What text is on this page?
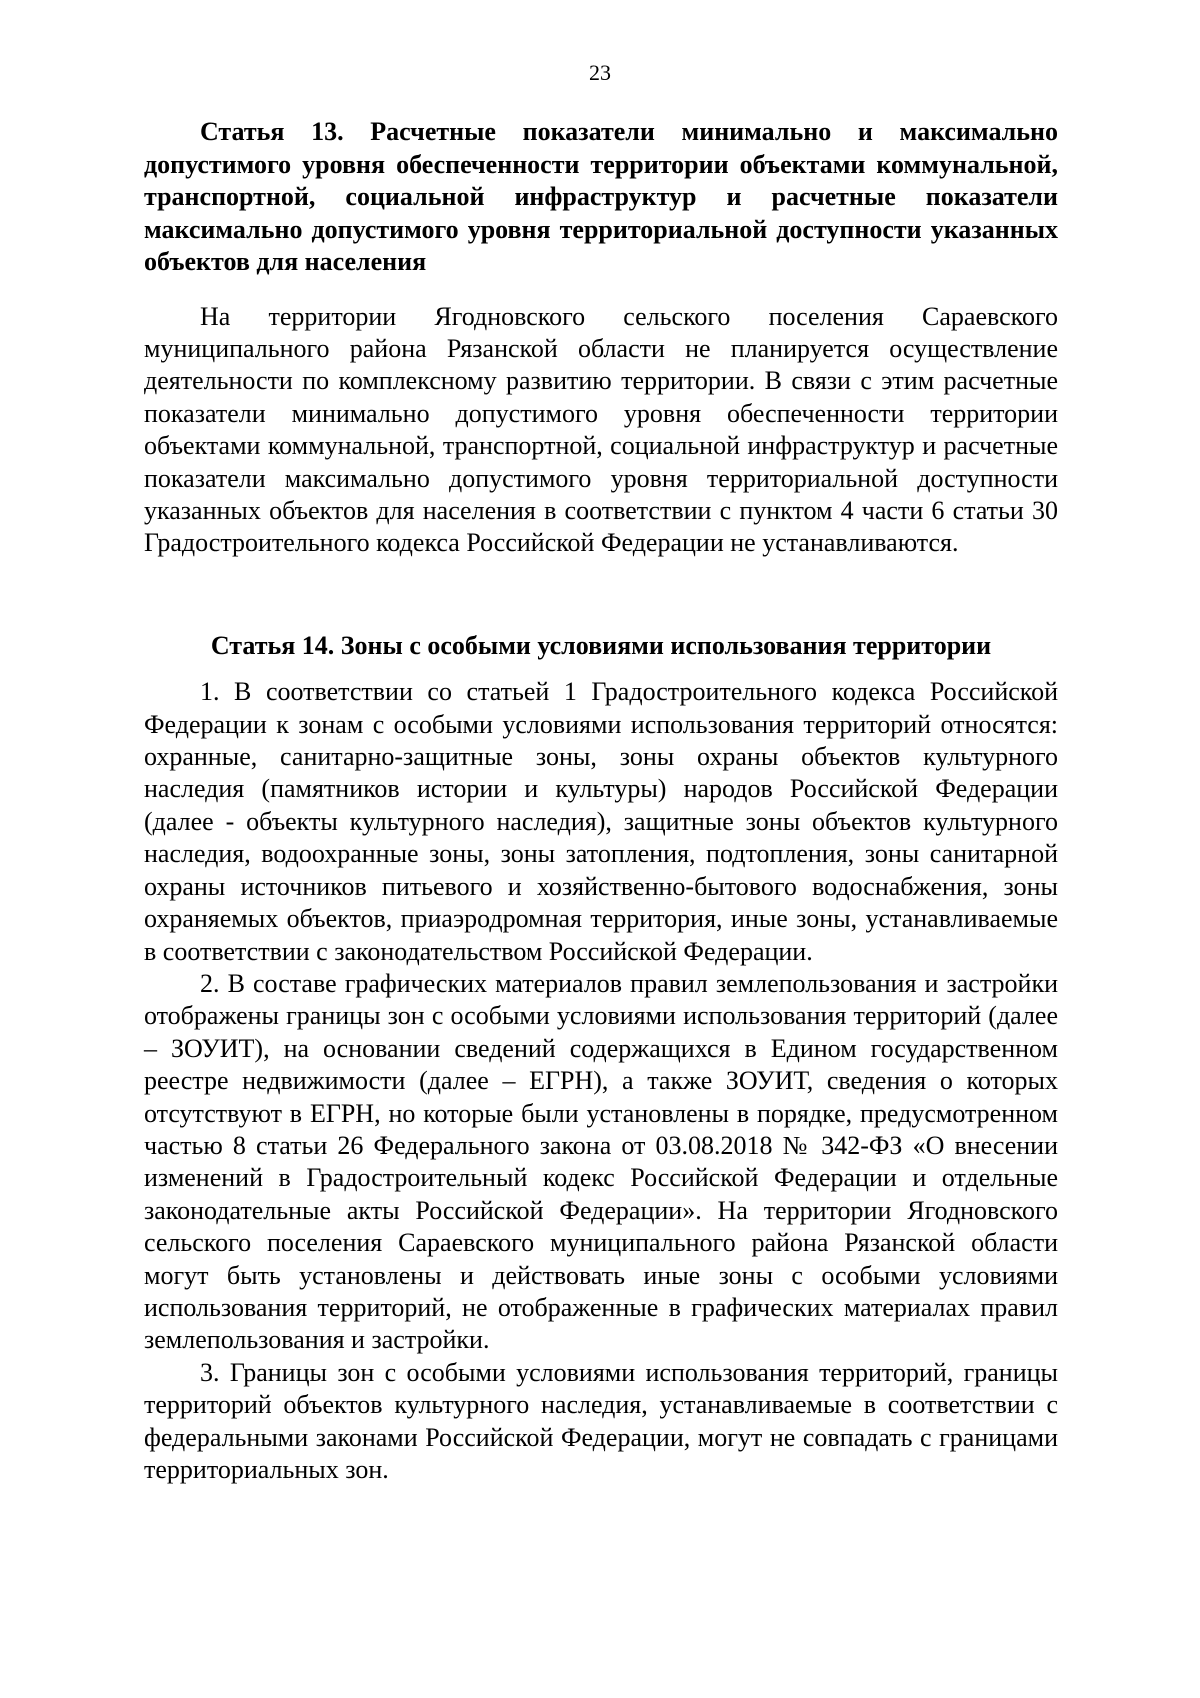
23
Статья 13. Расчетные показатели минимально и максимально допустимого уровня обеспеченности территории объектами коммунальной, транспортной, социальной инфраструктур и расчетные показатели максимально допустимого уровня территориальной доступности указанных объектов для населения

На территории Ягодновского сельского поселения Сараевского муниципального района Рязанской области не планируется осуществление деятельности по комплексному развитию территории. В связи с этим расчетные показатели минимально допустимого уровня обеспеченности территории объектами коммунальной, транспортной, социальной инфраструктур и расчетные показатели максимально допустимого уровня территориальной доступности указанных объектов для населения в соответствии с пунктом 4 части 6 статьи 30 Градостроительного кодекса Российской Федерации не устанавливаются.

Статья 14. Зоны с особыми условиями использования территории

1. В соответствии со статьей 1 Градостроительного кодекса Российской Федерации к зонам с особыми условиями использования территорий относятся: охранные, санитарно-защитные зоны, зоны охраны объектов культурного наследия (памятников истории и культуры) народов Российской Федерации (далее - объекты культурного наследия), защитные зоны объектов культурного наследия, водоохранные зоны, зоны затопления, подтопления, зоны санитарной охраны источников питьевого и хозяйственно-бытового водоснабжения, зоны охраняемых объектов, приаэродромная территория, иные зоны, устанавливаемые в соответствии с законодательством Российской Федерации.

2. В составе графических материалов правил землепользования и застройки отображены границы зон с особыми условиями использования территорий (далее – ЗОУИТ), на основании сведений содержащихся в Едином государственном реестре недвижимости (далее – ЕГРН), а также ЗОУИТ, сведения о которых отсутствуют в ЕГРН, но которые были установлены в порядке, предусмотренном частью 8 статьи 26 Федерального закона от 03.08.2018 № 342-ФЗ «О внесении изменений в Градостроительный кодекс Российской Федерации и отдельные законодательные акты Российской Федерации». На территории Ягодновского сельского поселения Сараевского муниципального района Рязанской области могут быть установлены и действовать иные зоны с особыми условиями использования территорий, не отображенные в графических материалах правил землепользования и застройки.

3. Границы зон с особыми условиями использования территорий, границы территорий объектов культурного наследия, устанавливаемые в соответствии с федеральными законами Российской Федерации, могут не совпадать с границами территориальных зон.
